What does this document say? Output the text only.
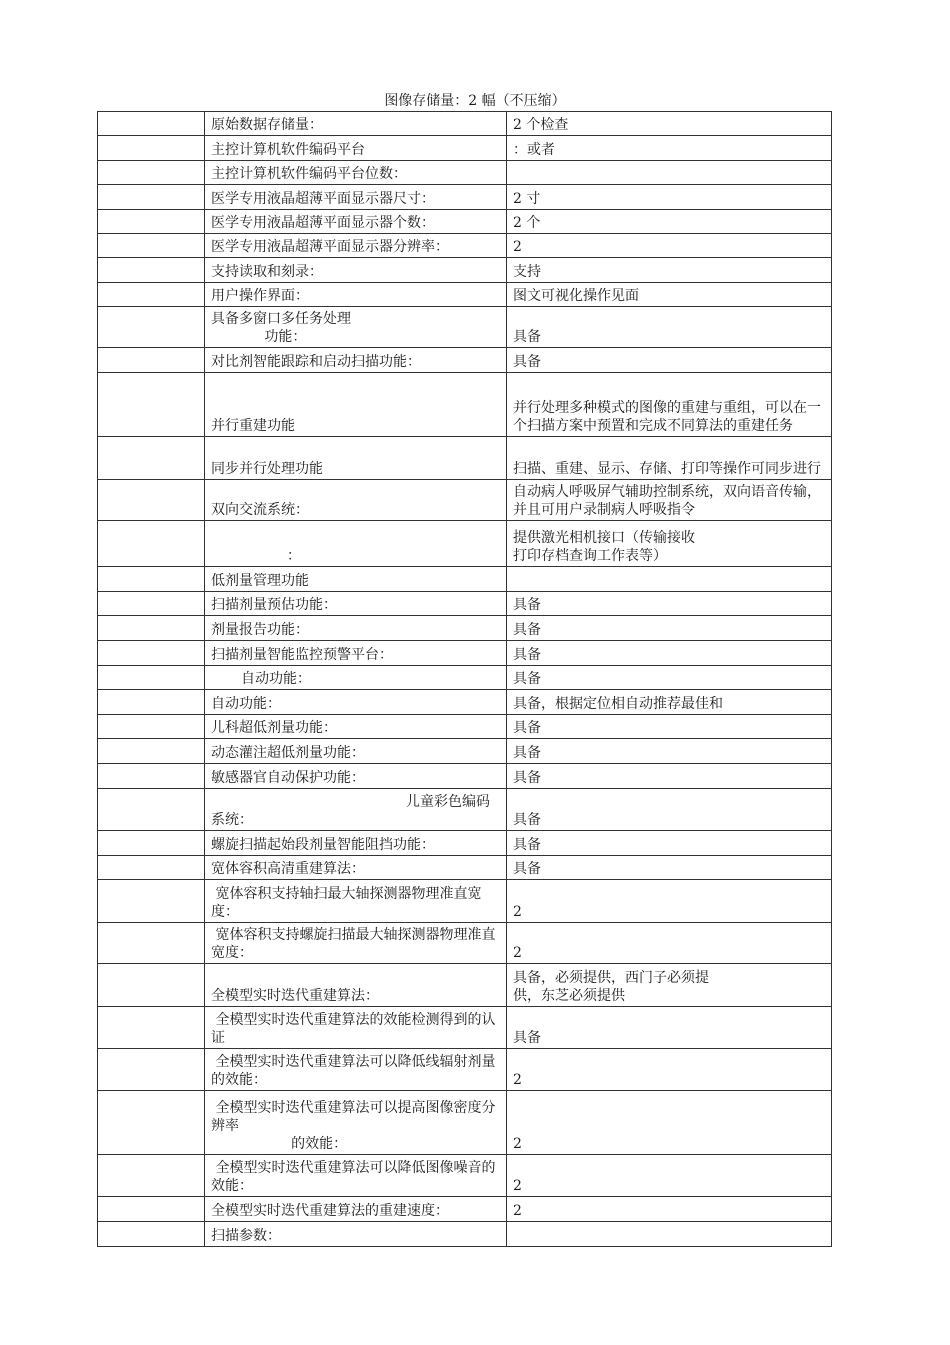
图像存储量：2 幅（不压缩）
	原始数据存储量：	2 个检查
	主控计算机软件编码平台	：或者
	主控计算机软件编码平台位数：	
	医学专用液晶超薄平面显示器尺寸：	2 寸
	医学专用液晶超薄平面显示器个数：	2 个
	医学专用液晶超薄平面显示器分辨率：	2
	支持读取和刻录：	支持
	用户操作界面：	图文可视化操作见面
	具备多窗口多任务处理
功能：	具备
	对比剂智能跟踪和启动扫描功能：	具备
	并行重建功能	并行处理多种模式的图像的重建与重组，可以在一个扫描方案中预置和完成不同算法的重建任务
	同步并行处理功能	扫描、重建、显示、存储、打印等操作可同步进行
	双向交流系统：	自动病人呼吸屏气辅助控制系统，双向语音传输，并且可用户录制病人呼吸指令
	：	提供激光相机接口（传输接收
打印存档查询工作表等）
	低剂量管理功能	
	扫描剂量预估功能：	具备
	剂量报告功能：	具备
	扫描剂量智能监控预警平台：	具备
	自动功能：	具备
	自动功能：	具备，根据定位相自动推荐最佳和
	儿科超低剂量功能：	具备
	动态灌注超低剂量功能：	具备
	敏感器官自动保护功能：	具备

	儿童彩色编码
系统：	具备
	螺旋扫描起始段剂量智能阻挡功能：	具备
	宽体容积高清重建算法：	具备
	宽体容积支持轴扫最大轴探测器物理准直宽度：	2
	宽体容积支持螺旋扫描最大轴探测器物理准直宽度：	2
	全模型实时迭代重建算法：	具备，必须提供，西门子必须提
供，东芝必须提供
	全模型实时迭代重建算法的效能检测得到的认证	具备
	全模型实时迭代重建算法可以降低线辐射剂量的效能：	2
	全模型实时迭代重建算法可以提高图像密度分辨率
的效能：	2
	全模型实时迭代重建算法可以降低图像噪音的效能：	2
	全模型实时迭代重建算法的重建速度：	2
	扫描参数：	
